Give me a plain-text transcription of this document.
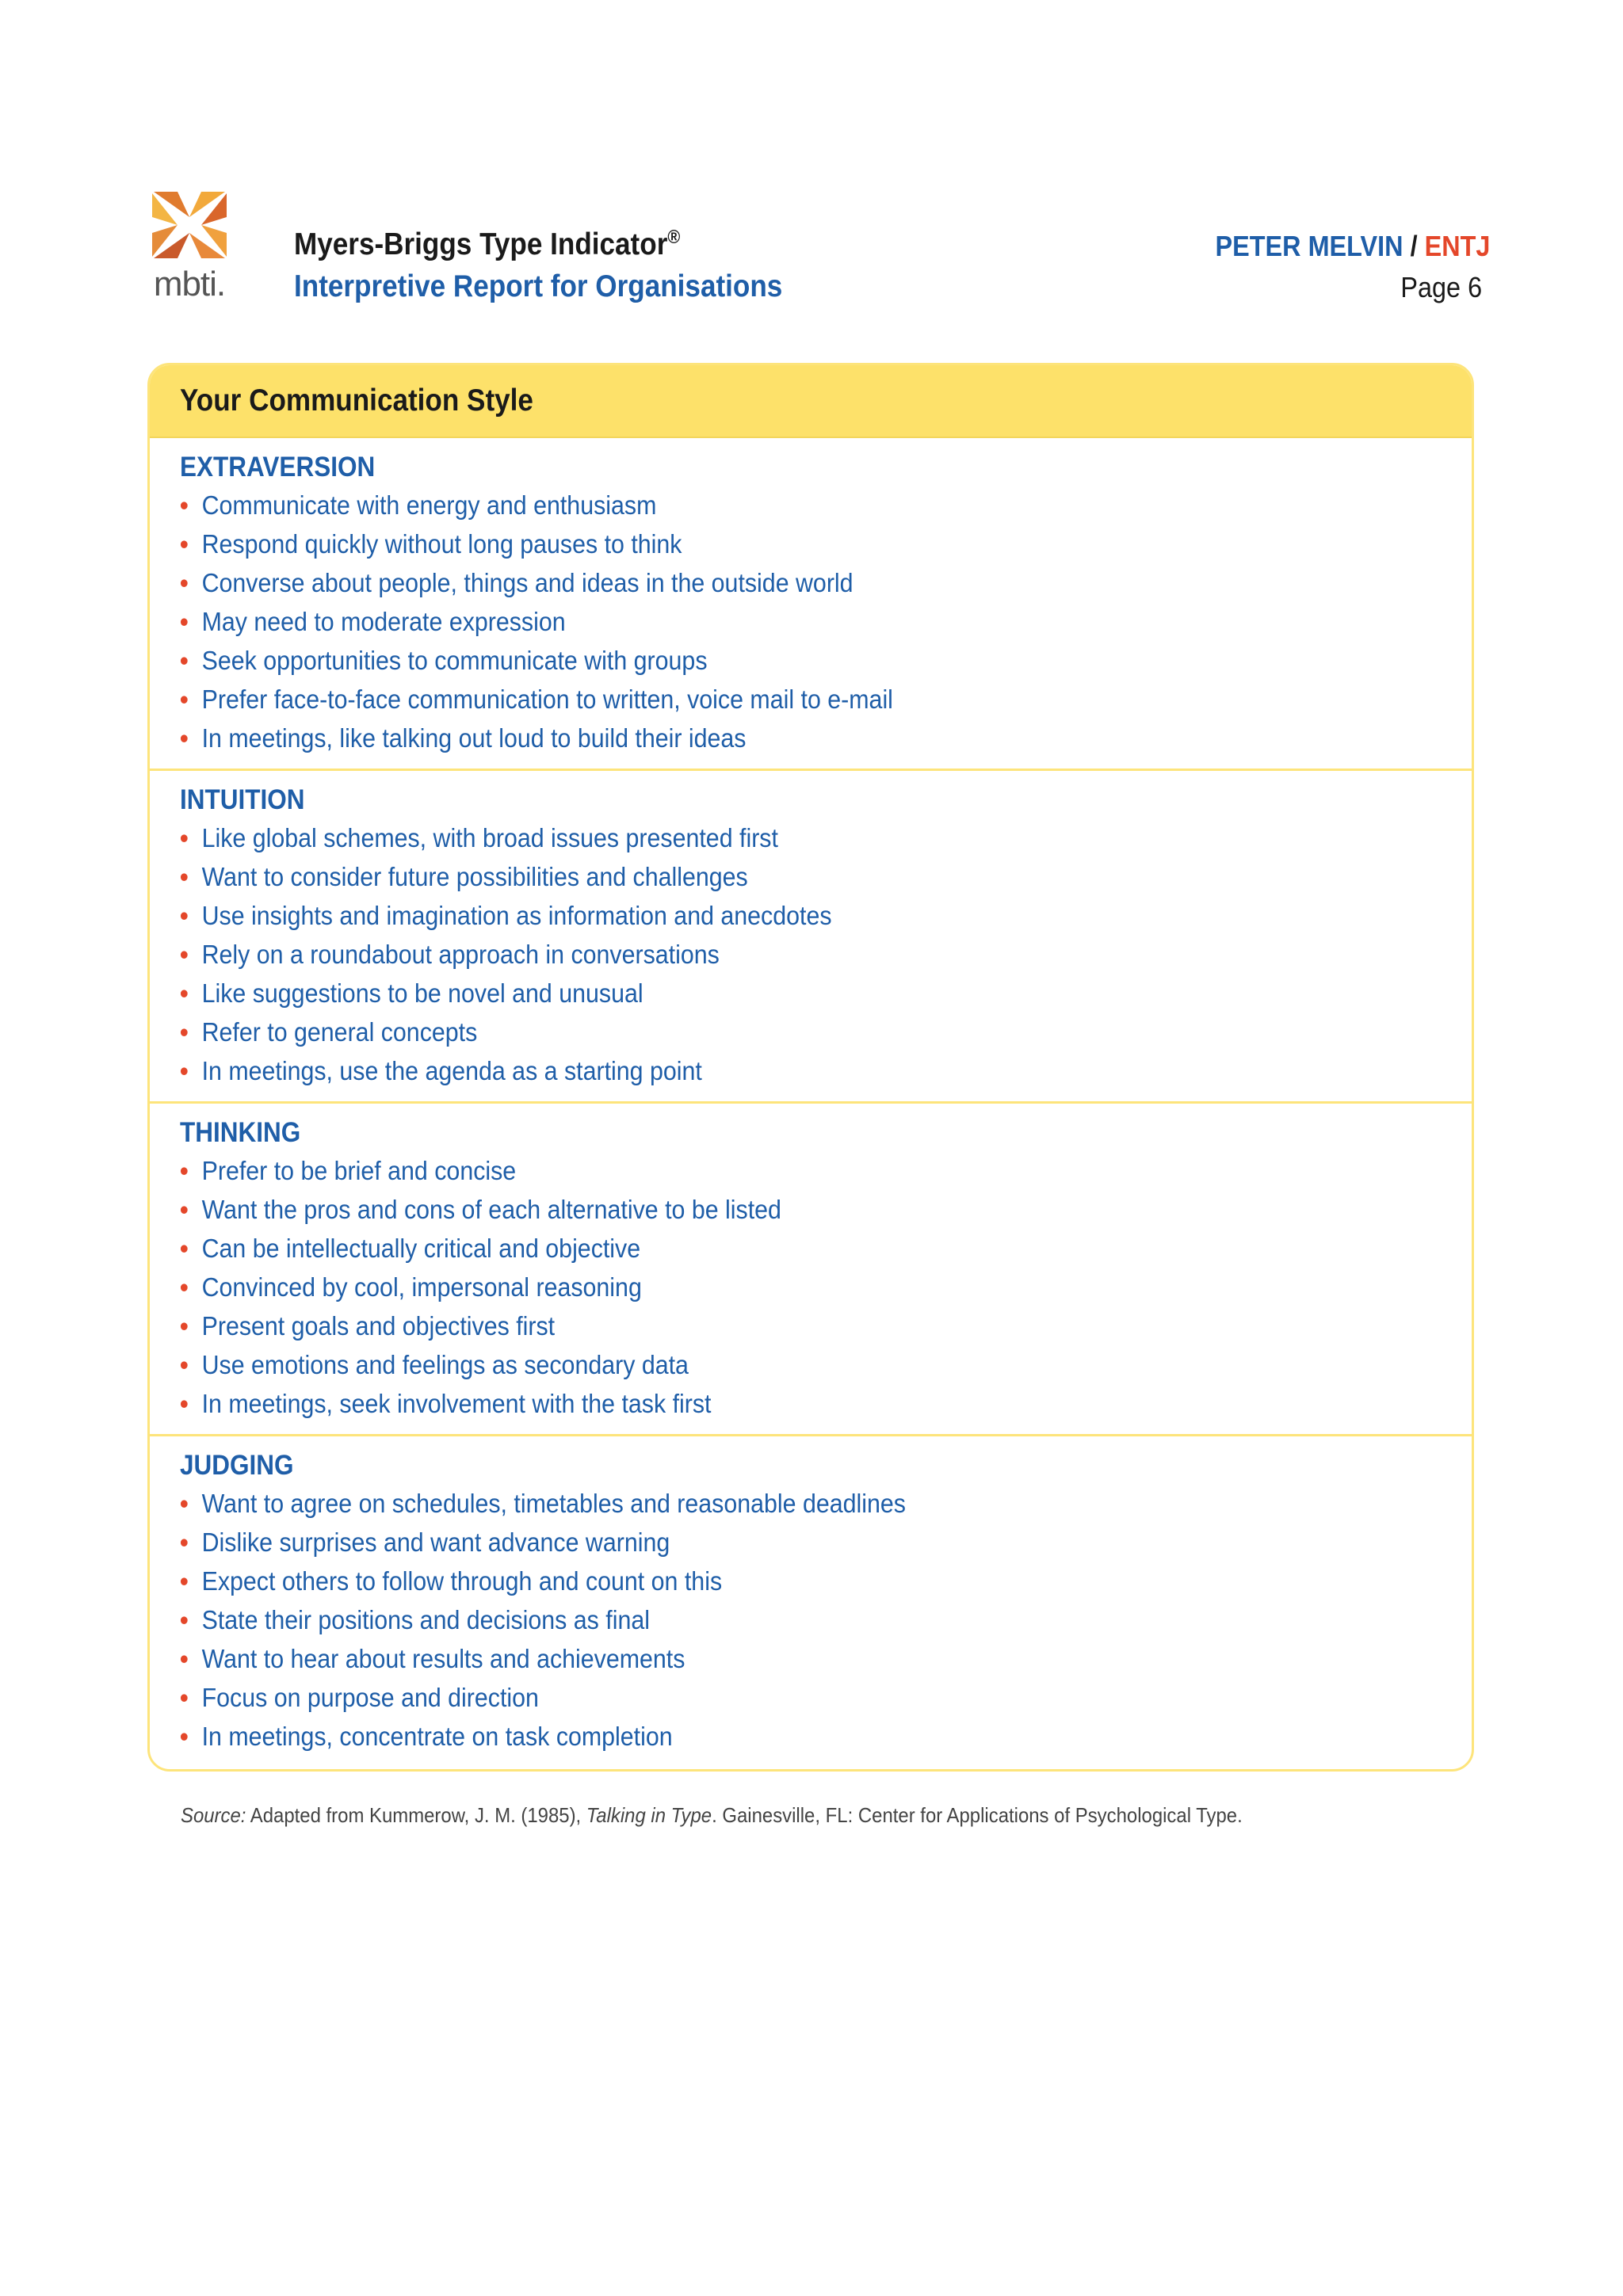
mbti.
Myers-Briggs Type Indicator®
Interpretive Report for Organisations
PETER MELVIN / ENTJ
Page 6
Your Communication Style
EXTRAVERSION
• Communicate with energy and enthusiasm
• Respond quickly without long pauses to think
• Converse about people, things and ideas in the outside world
• May need to moderate expression
• Seek opportunities to communicate with groups
• Prefer face-to-face communication to written, voice mail to e-mail
• In meetings, like talking out loud to build their ideas
INTUITION
• Like global schemes, with broad issues presented first
• Want to consider future possibilities and challenges
• Use insights and imagination as information and anecdotes
• Rely on a roundabout approach in conversations
• Like suggestions to be novel and unusual
• Refer to general concepts
• In meetings, use the agenda as a starting point
THINKING
• Prefer to be brief and concise
• Want the pros and cons of each alternative to be listed
• Can be intellectually critical and objective
• Convinced by cool, impersonal reasoning
• Present goals and objectives first
• Use emotions and feelings as secondary data
• In meetings, seek involvement with the task first
JUDGING
• Want to agree on schedules, timetables and reasonable deadlines
• Dislike surprises and want advance warning
• Expect others to follow through and count on this
• State their positions and decisions as final
• Want to hear about results and achievements
• Focus on purpose and direction
• In meetings, concentrate on task completion
Source: Adapted from Kummerow, J. M. (1985), Talking in Type. Gainesville, FL: Center for Applications of Psychological Type.
